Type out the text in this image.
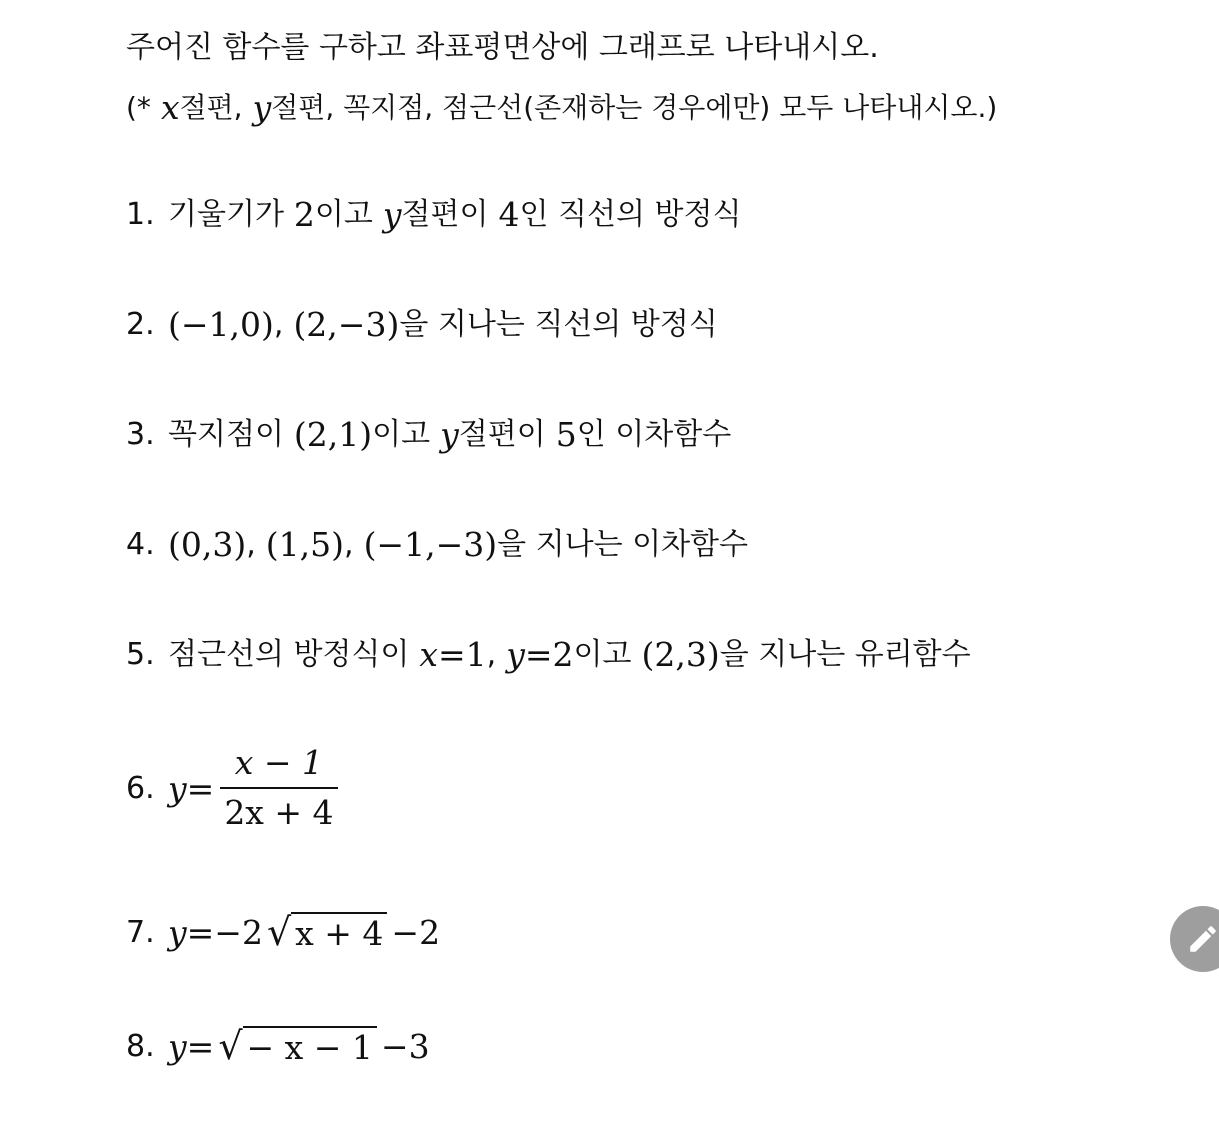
주어진 함수를 구하고 좌표평면상에 그래프로 나타내시오.
(* x 절편, y 절편, 꼭지점, 점근선(존재하는 경우에만) 모두 나타내시오.)
1. 기울기가 2 이고 y 절편이 4 인 직선의 방정식
2. (−1,0) , (2,−3) 을 지나는 직선의 방정식
3. 꼭지점이 (2,1) 이고 y 절편이 5 인 이차함수
4. (0,3) , (1,5) , (−1,−3) 을 지나는 이차함수
5. 점근선의 방정식이 x =1 , y =2 이고 (2,3) 을 지나는 유리함수
6. $y = \frac{x - 1}{2x + 4}$
7. y =−2 √ x + 4 −2
8. y = √ − x − 1 −3
